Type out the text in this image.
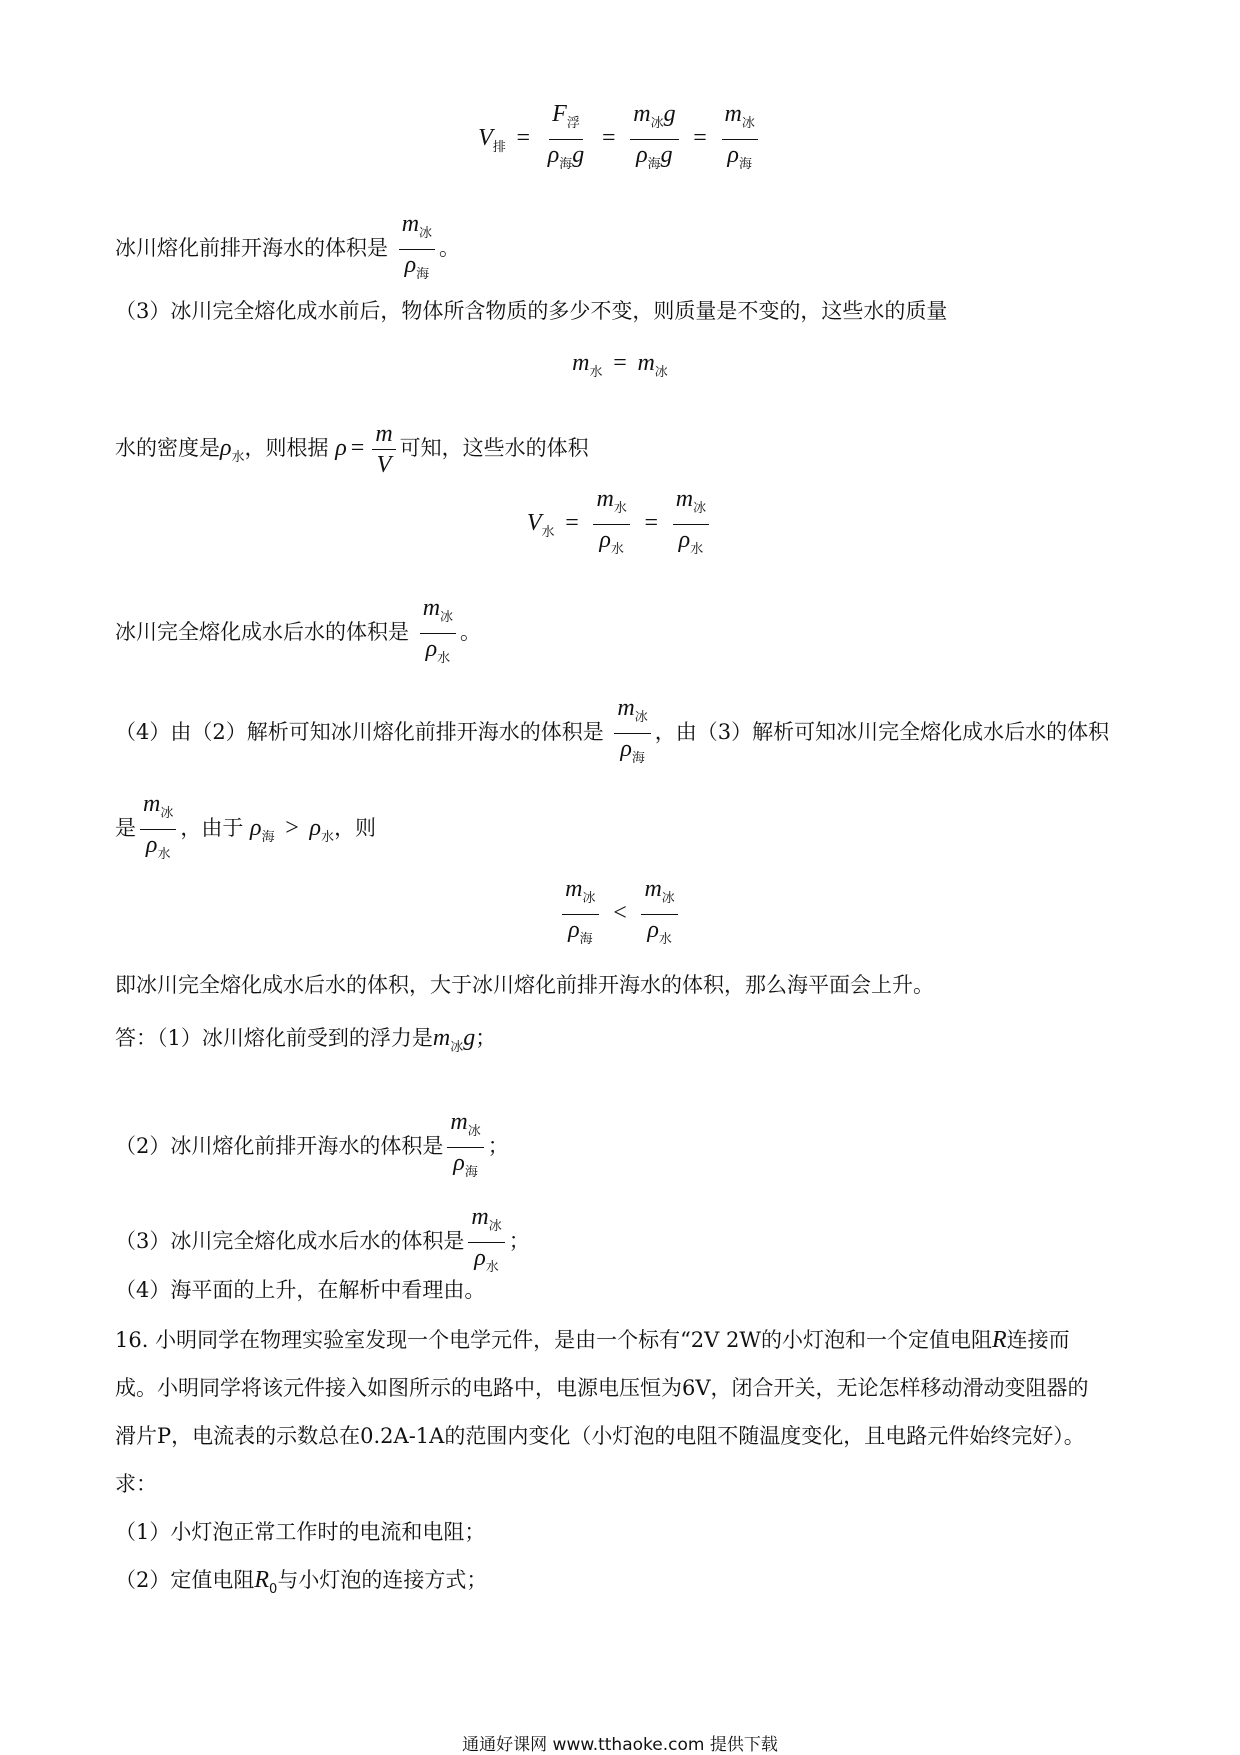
$V_排 = \frac{F_浮}{\rho_海g} = \frac{m_冰g}{\rho_海g} = \frac{m_冰}{\rho_海}$
冰川熔化前排开海水的体积是 $\frac{m_冰}{\rho_海}$ 。
（3）冰川完全熔化成水前后，物体所含物质的多少不变，则质量是不变的，这些水的质量
$m_水 = m_冰$
水的密度是$\rho_水$，则根据 $\rho = \frac{m}{V}$ 可知，这些水的体积
$V_水 = \frac{m_水}{\rho_水} = \frac{m_冰}{\rho_水}$
冰川完全熔化成水后水的体积是 $\frac{m_冰}{\rho_水}$ 。
（4）由（2）解析可知冰川熔化前排开海水的体积是 $\frac{m_冰}{\rho_海}$ ，由（3）解析可知冰川完全熔化成水后水的体积
是 $\frac{m_冰}{\rho_水}$ ，由于 $\rho_海 > \rho_水$，则
$\frac{m_冰}{\rho_海} < \frac{m_冰}{\rho_水}$
即冰川完全熔化成水后水的体积，大于冰川熔化前排开海水的体积，那么海平面会上升。
答：（1）冰川熔化前受到的浮力是$m_冰g$；
（2）冰川熔化前排开海水的体积是 $\frac{m_冰}{\rho_海}$ ；
（3）冰川完全熔化成水后水的体积是 $\frac{m_冰}{\rho_水}$ ；
（4）海平面的上升，在解析中看理由。
16. 小明同学在物理实验室发现一个电学元件，是由一个标有“2V 2W的小灯泡和一个定值电阻R连接而
成。小明同学将该元件接入如图所示的电路中，电源电压恒为6V，闭合开关，无论怎样移动滑动变阻器的
滑片P，电流表的示数总在0.2A-1A的范围内变化（小灯泡的电阻不随温度变化，且电路元件始终完好）。
求：
（1）小灯泡正常工作时的电流和电阻；
（2）定值电阻$R_0$与小灯泡的连接方式；
通通好课网 www.tthaoke.com 提供下载
